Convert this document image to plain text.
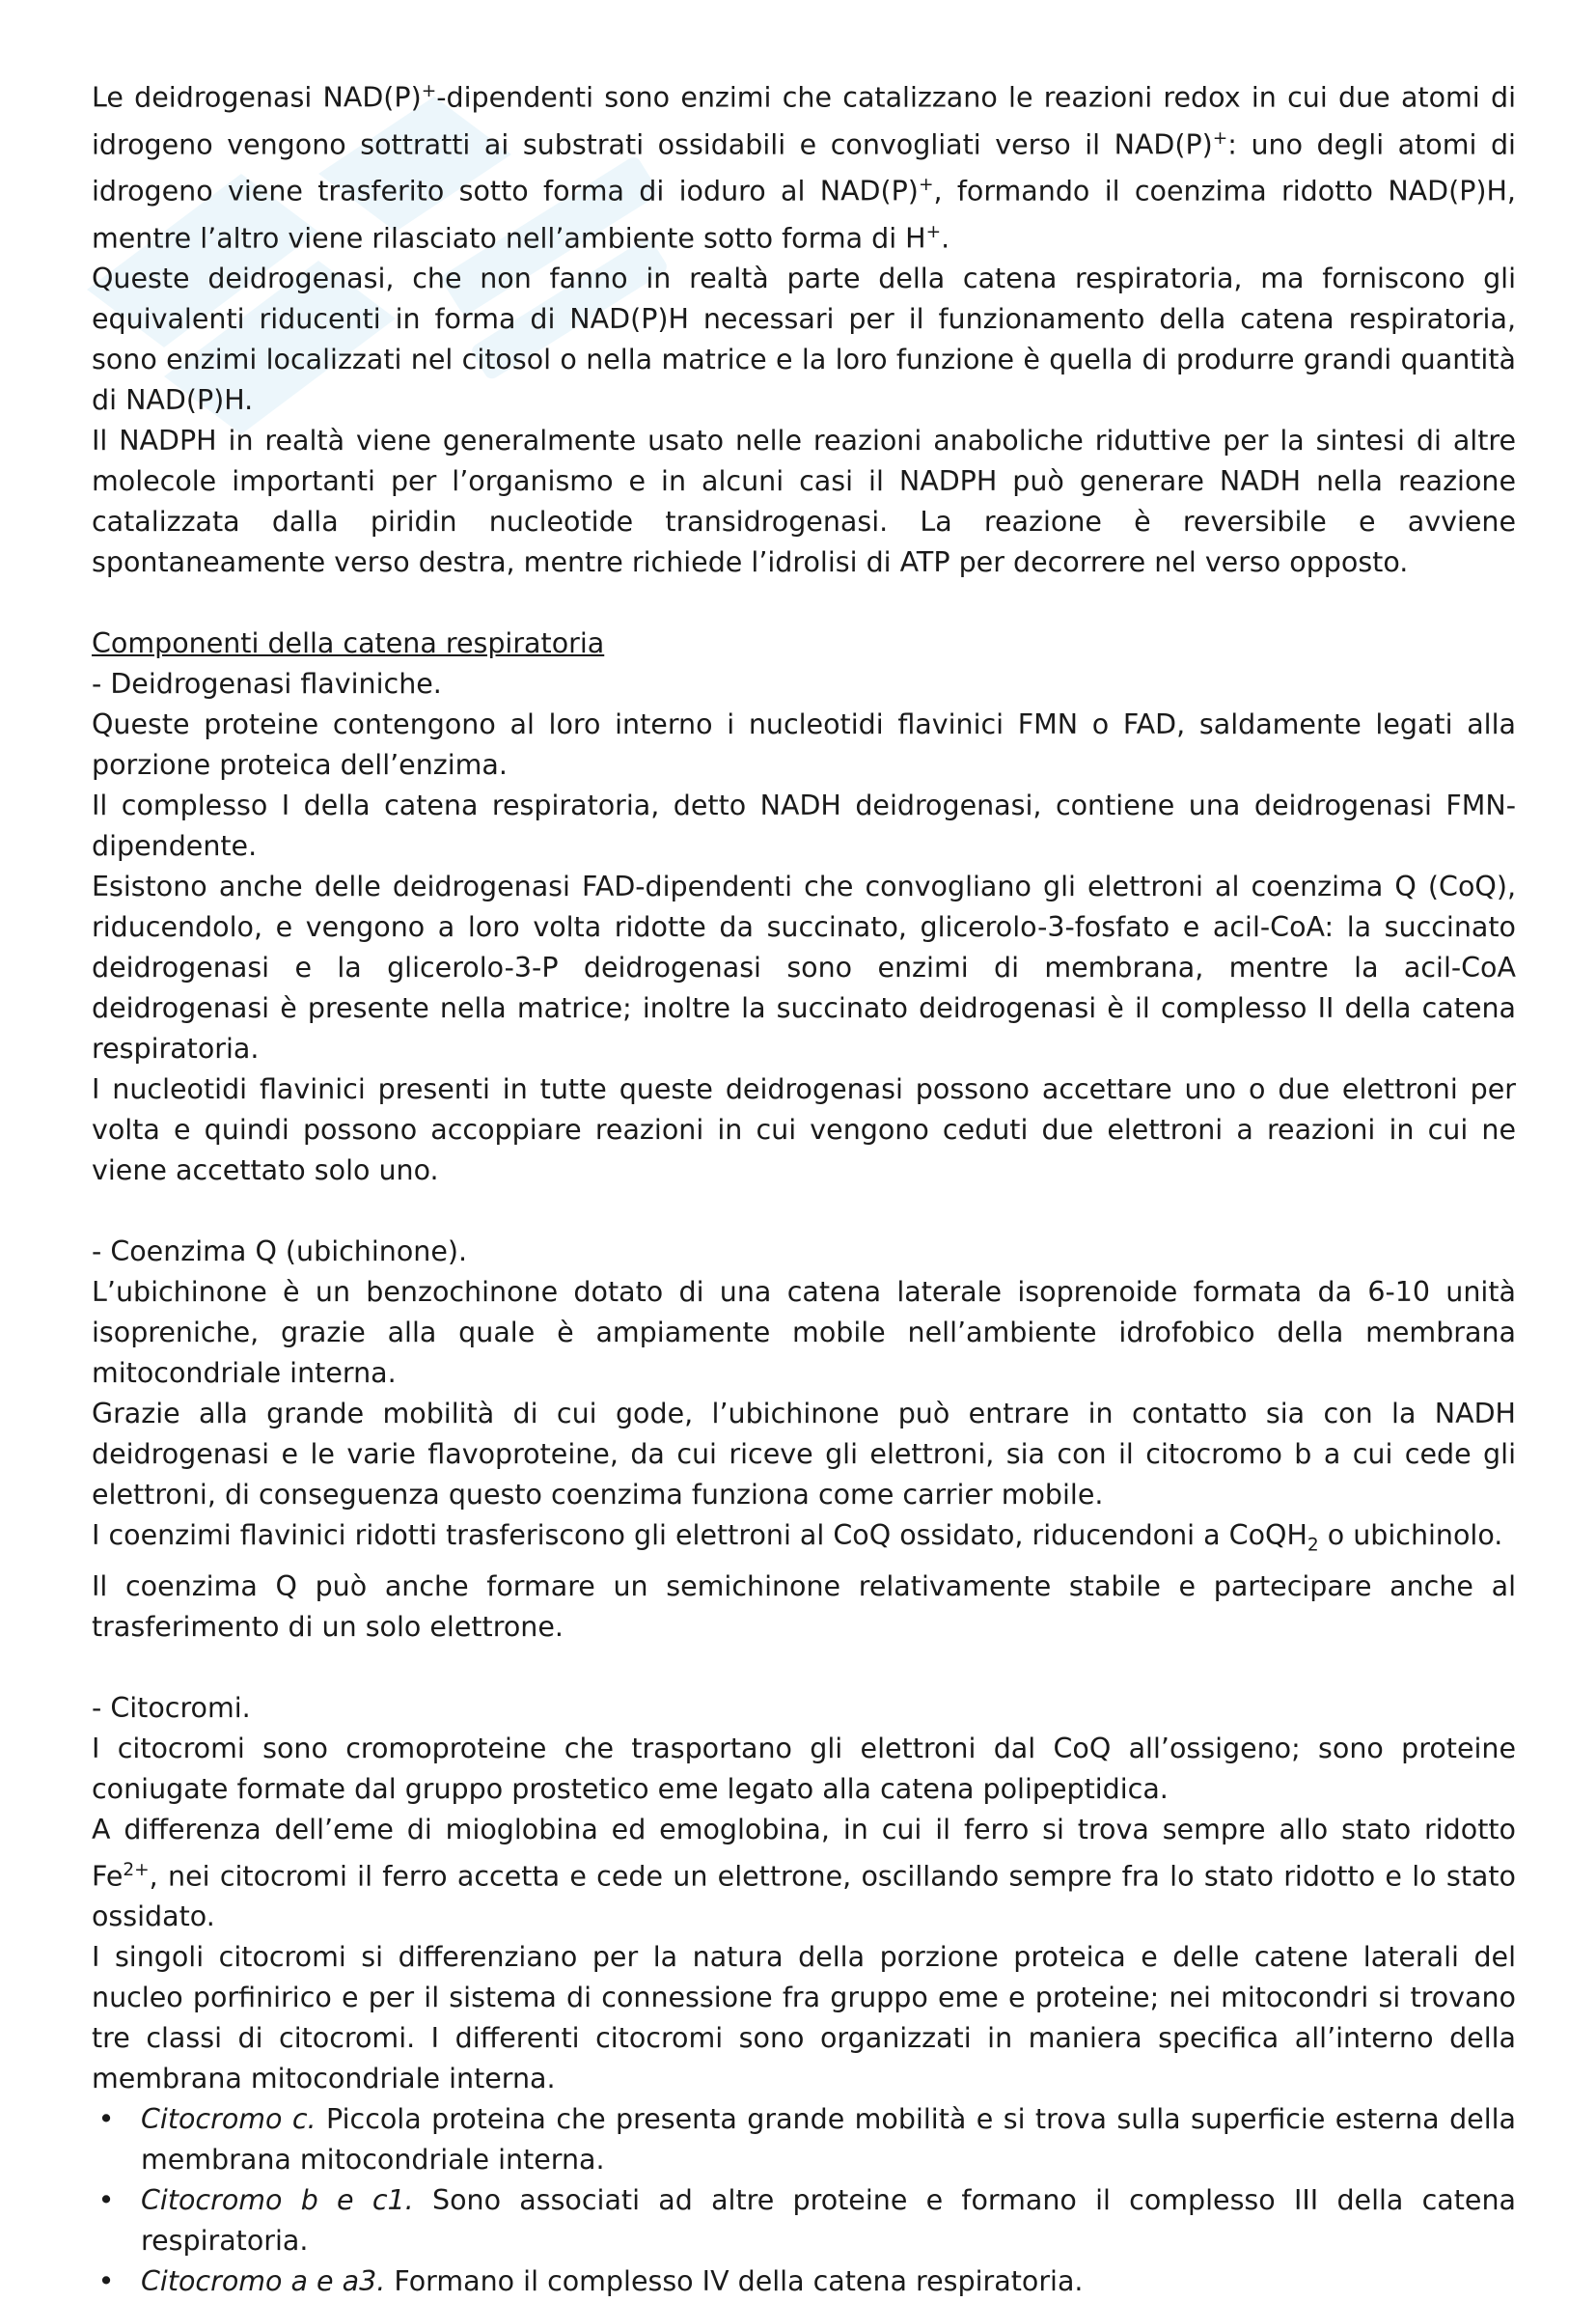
Le deidrogenasi NAD(P)+-dipendenti sono enzimi che catalizzano le reazioni redox in cui due atomi di idrogeno vengono sottratti ai substrati ossidabili e convogliati verso il NAD(P)+: uno degli atomi di idrogeno viene trasferito sotto forma di ioduro al NAD(P)+, formando il coenzima ridotto NAD(P)H, mentre l’altro viene rilasciato nell’ambiente sotto forma di H+.

Queste deidrogenasi, che non fanno in realtà parte della catena respiratoria, ma forniscono gli equivalenti riducenti in forma di NAD(P)H necessari per il funzionamento della catena respiratoria, sono enzimi localizzati nel citosol o nella matrice e la loro funzione è quella di produrre grandi quantità di NAD(P)H.

Il NADPH in realtà viene generalmente usato nelle reazioni anaboliche riduttive per la sintesi di altre molecole importanti per l’organismo e in alcuni casi il NADPH può generare NADH nella reazione catalizzata dalla piridin nucleotide transidrogenasi. La reazione è reversibile e avviene spontaneamente verso destra, mentre richiede l’idrolisi di ATP per decorrere nel verso opposto.

Componenti della catena respiratoria

- Deidrogenasi flaviniche.

Queste proteine contengono al loro interno i nucleotidi flavinici FMN o FAD, saldamente legati alla porzione proteica dell’enzima.

Il complesso I della catena respiratoria, detto NADH deidrogenasi, contiene una deidrogenasi FMN-dipendente.

Esistono anche delle deidrogenasi FAD-dipendenti che convogliano gli elettroni al coenzima Q (CoQ), riducendolo, e vengono a loro volta ridotte da succinato, glicerolo-3-fosfato e acil-CoA: la succinato deidrogenasi e la glicerolo-3-P deidrogenasi sono enzimi di membrana, mentre la acil-CoA deidrogenasi è presente nella matrice; inoltre la succinato deidrogenasi è il complesso II della catena respiratoria.

I nucleotidi flavinici presenti in tutte queste deidrogenasi possono accettare uno o due elettroni per volta e quindi possono accoppiare reazioni in cui vengono ceduti due elettroni a reazioni in cui ne viene accettato solo uno.

- Coenzima Q (ubichinone).

L’ubichinone è un benzochinone dotato di una catena laterale isoprenoide formata da 6-10 unità isopreniche, grazie alla quale è ampiamente mobile nell’ambiente idrofobico della membrana mitocondriale interna.

Grazie alla grande mobilità di cui gode, l’ubichinone può entrare in contatto sia con la NADH deidrogenasi e le varie flavoproteine, da cui riceve gli elettroni, sia con il citocromo b a cui cede gli elettroni, di conseguenza questo coenzima funziona come carrier mobile.

I coenzimi flavinici ridotti trasferiscono gli elettroni al CoQ ossidato, riducendoni a CoQH$_2$ o ubichinolo.

Il coenzima Q può anche formare un semichinone relativamente stabile e partecipare anche al trasferimento di un solo elettrone.

- Citocromi.

I citocromi sono cromoproteine che trasportano gli elettroni dal CoQ all’ossigeno; sono proteine coniugate formate dal gruppo prostetico eme legato alla catena polipeptidica.

A differenza dell’eme di mioglobina ed emoglobina, in cui il ferro si trova sempre allo stato ridotto $Fe^{2+}$, nei citocromi il ferro accetta e cede un elettrone, oscillando sempre fra lo stato ridotto e lo stato ossidato.

I singoli citocromi si differenziano per la natura della porzione proteica e delle catene laterali del nucleo porfinirico e per il sistema di connessione fra gruppo eme e proteine; nei mitocondri si trovano tre classi di citocromi. I differenti citocromi sono organizzati in maniera specifica all’interno della membrana mitocondriale interna.

• Citocromo c. Piccola proteina che presenta grande mobilità e si trova sulla superficie esterna della membrana mitocondriale interna.
• Citocromo b e c1. Sono associati ad altre proteine e formano il complesso III della catena respiratoria.
• Citocromo a e a3. Formano il complesso IV della catena respiratoria.
